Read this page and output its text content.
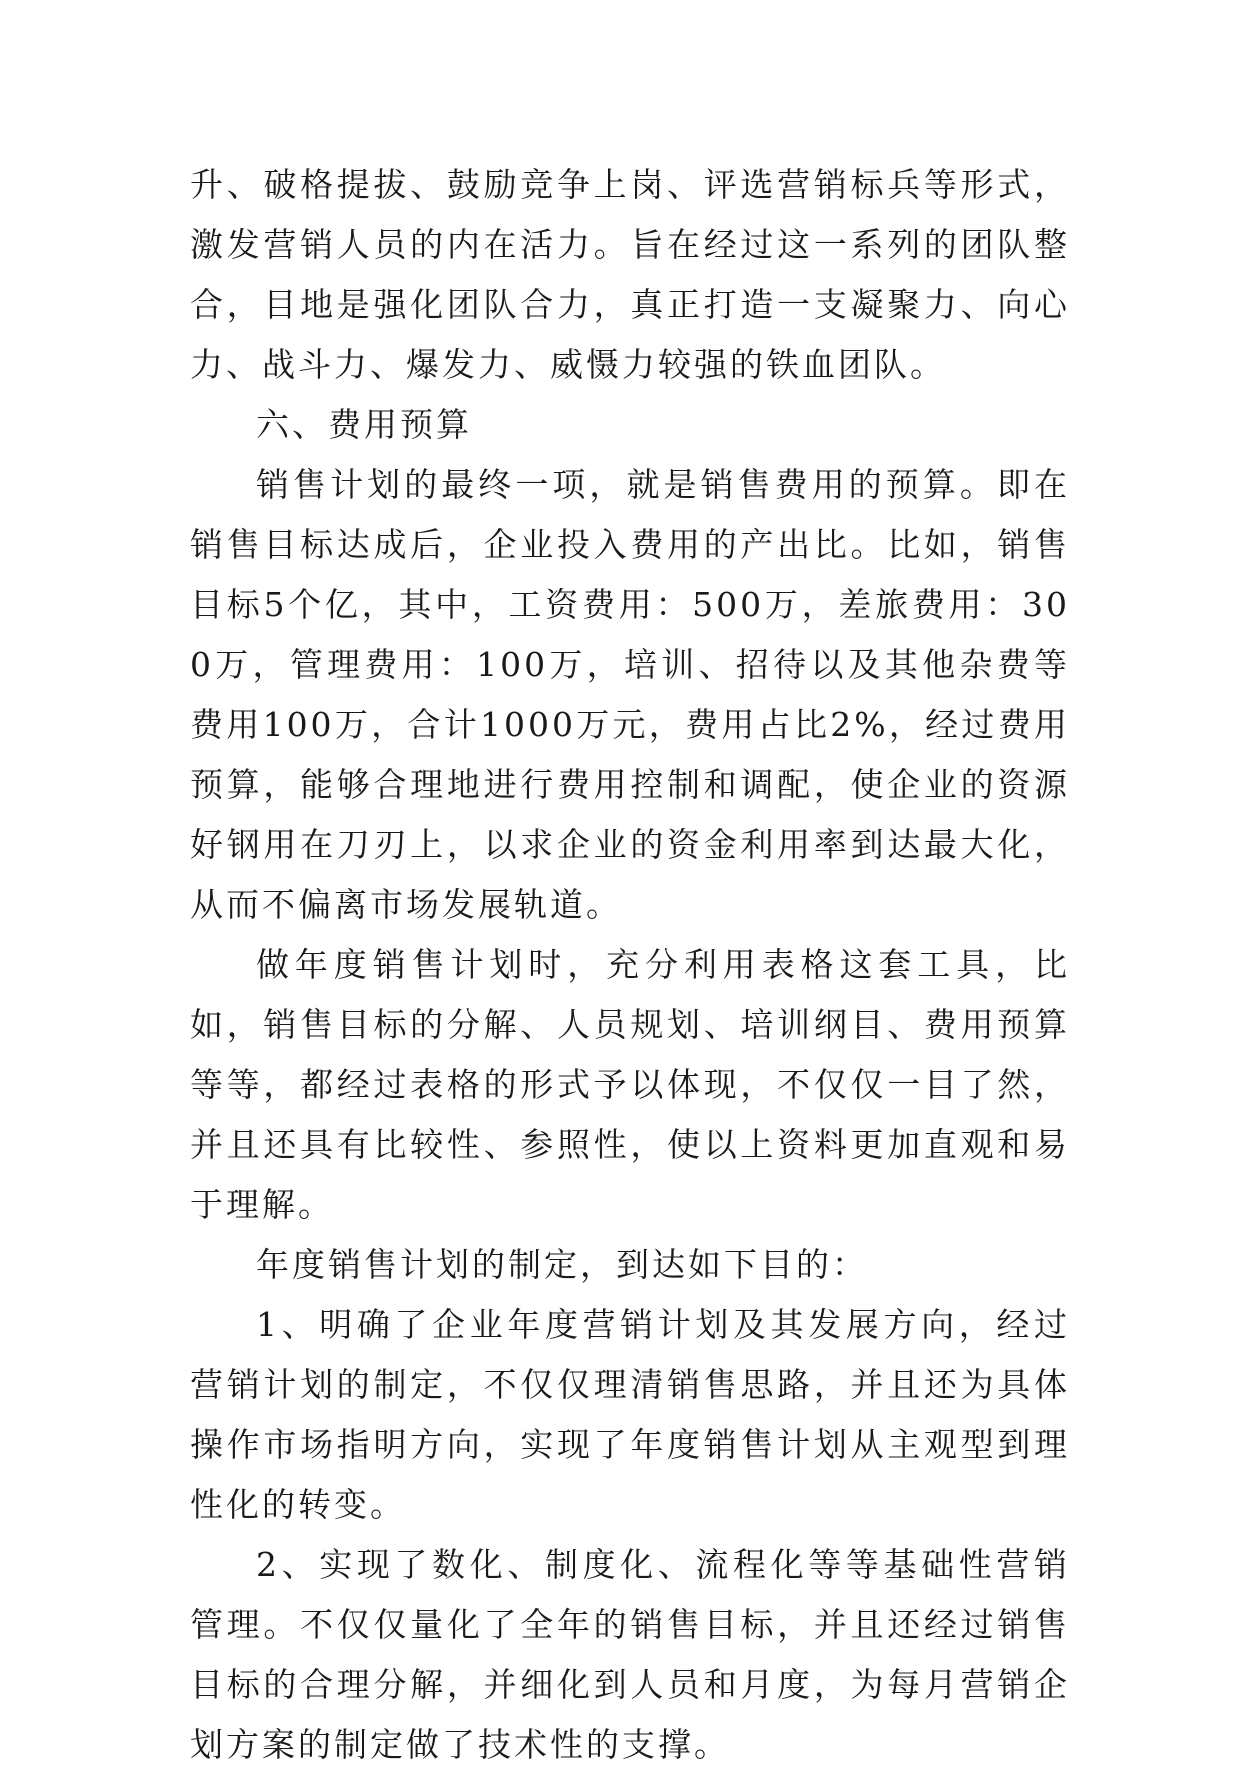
升、破格提拔、鼓励竞争上岗、评选营销标兵等形式，激发营销人员的内在活力。旨在经过这一系列的团队整合，目地是强化团队合力，真正打造一支凝聚力、向心力、战斗力、爆发力、威慑力较强的铁血团队。

六、费用预算

销售计划的最终一项，就是销售费用的预算。即在销售目标达成后，企业投入费用的产出比。比如，销售目标5个亿，其中，工资费用：500万，差旅费用：300万，管理费用：100万，培训、招待以及其他杂费等费用100万，合计1000万元，费用占比2%，经过费用预算，能够合理地进行费用控制和调配，使企业的资源好钢用在刀刃上，以求企业的资金利用率到达最大化，从而不偏离市场发展轨道。

做年度销售计划时，充分利用表格这套工具，比如，销售目标的分解、人员规划、培训纲目、费用预算等等，都经过表格的形式予以体现，不仅仅一目了然，并且还具有比较性、参照性，使以上资料更加直观和易于理解。

年度销售计划的制定，到达如下目的：

1、明确了企业年度营销计划及其发展方向，经过营销计划的制定，不仅仅理清销售思路，并且还为具体操作市场指明方向，实现了年度销售计划从主观型到理性化的转变。

2、实现了数化、制度化、流程化等等基础性营销管理。不仅仅量化了全年的销售目标，并且还经过销售目标的合理分解，并细化到人员和月度，为每月营销企划方案的制定做了技术性的支撑。
